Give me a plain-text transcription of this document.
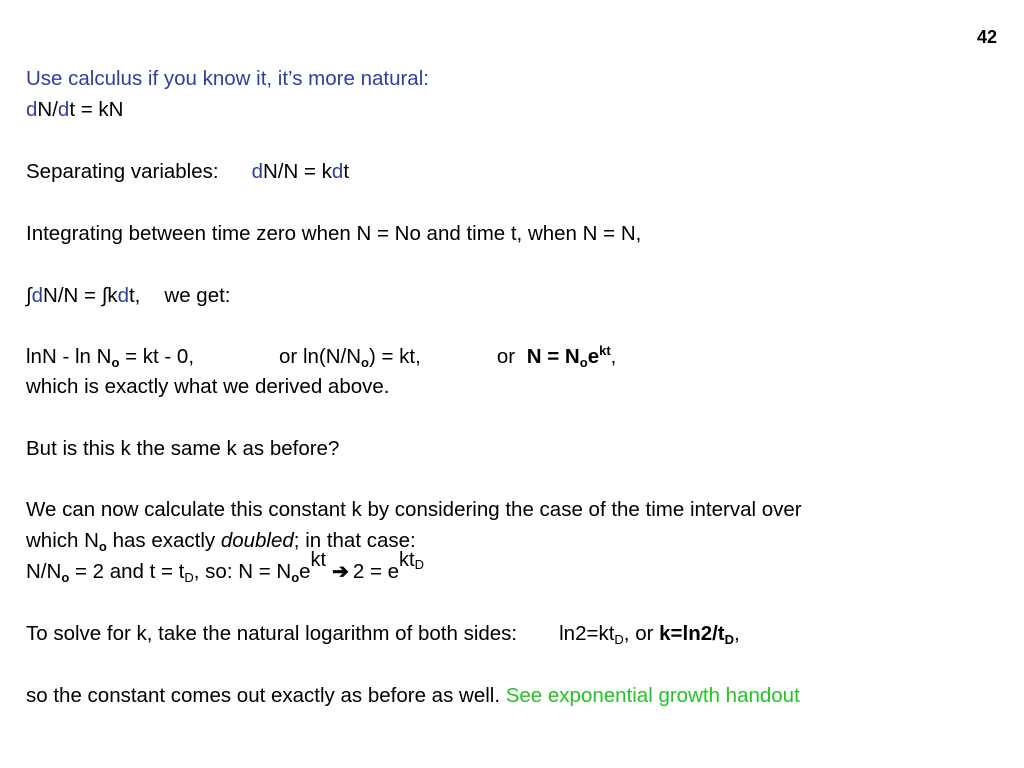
42
Use calculus if you know it, it’s more natural:
dN/dt = kN
Separating variables: dN/N = kdt
Integrating between time zero when N = No and time t, when N = N,
∫dN/N = ∫kdt, we get:
lnN - $\ln N_o$ = kt - 0,	or $\ln(N/N_o)$ = kt,	or $N = N_oe^{kt}$,
which is exactly what we derived above.
But is this k the same k as before?
We can now calculate this constant k by considering the case of the time interval over
which $N_o$ has exactly doubled; in that case:
$N/N_o = 2$ and $t = t_D$, so: $N = N_oekt➔$ 2 = ektD
To solve for k, take the natural logarithm of both sides: $\ln 2=kt_D$, or $k=\ln 2/t_D$,
so the constant comes out exactly as before as well. See exponential growth handout
